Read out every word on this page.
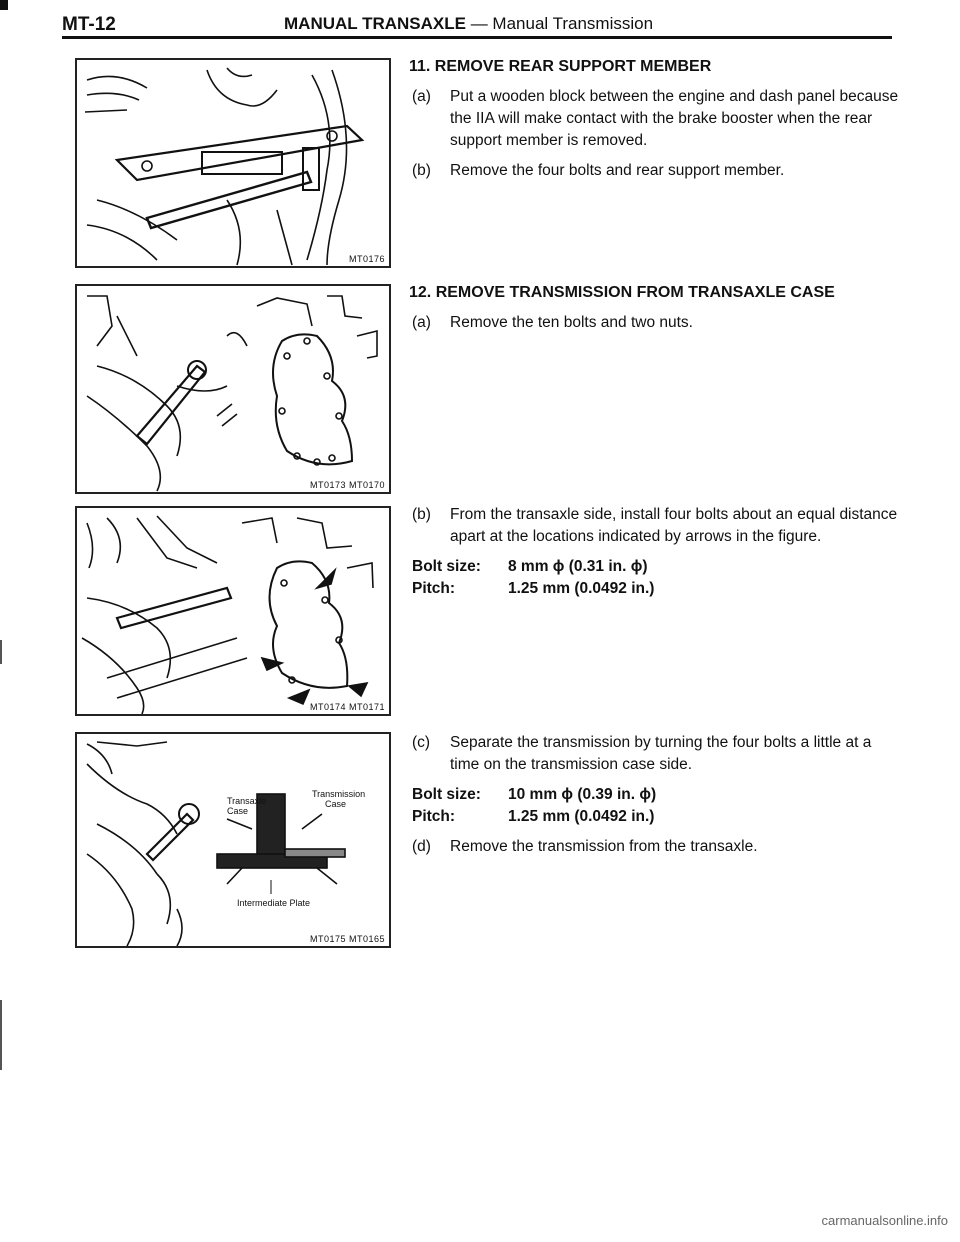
MT-12	MANUAL TRANSAXLE — Manual Transmission
MT0176
MT0173 MT0170
MT0174 MT0171
Transaxle
Case
Transmission
Case
Intermediate Plate
MT0175 MT0165
11. REMOVE REAR SUPPORT MEMBER
(a) Put a wooden block between the engine and dash panel because the IIA will make contact with the brake booster when the rear support member is removed.
(b) Remove the four bolts and rear support member.
12. REMOVE TRANSMISSION FROM TRANSAXLE CASE
(a) Remove the ten bolts and two nuts.
(b) From the transaxle side, install four bolts about an equal distance apart at the locations indicated by arrows in the figure.
Bolt size:	8 mm ϕ (0.31 in. ϕ)
Pitch:	1.25 mm (0.0492 in.)
(c) Separate the transmission by turning the four bolts a little at a time on the transmission case side.
Bolt size:	10 mm ϕ (0.39 in. ϕ)
Pitch:	1.25 mm (0.0492 in.)
(d) Remove the transmission from the transaxle.
carmanualsonline.info
